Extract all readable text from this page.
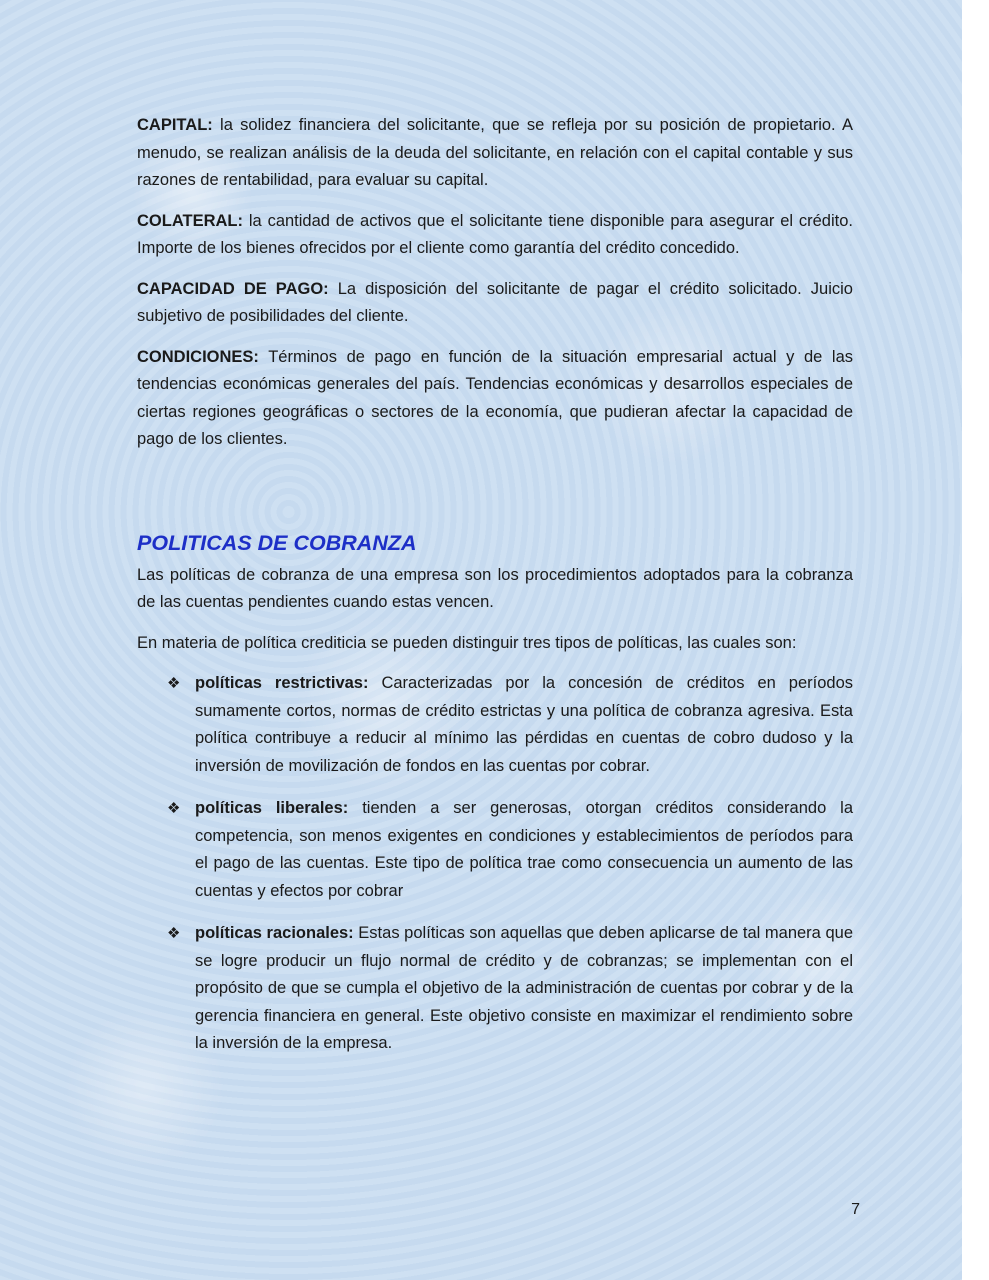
CAPITAL: la solidez financiera del solicitante, que se refleja por su posición de propietario. A menudo, se realizan análisis de la deuda del solicitante, en relación con el capital contable y sus razones de rentabilidad, para evaluar su capital.

COLATERAL: la cantidad de activos que el solicitante tiene disponible para asegurar el crédito. Importe de los bienes ofrecidos por el cliente como garantía del crédito concedido.

CAPACIDAD DE PAGO: La disposición del solicitante de pagar el crédito solicitado. Juicio subjetivo de posibilidades del cliente.

CONDICIONES: Términos de pago en función de la situación empresarial actual y de las tendencias económicas generales del país. Tendencias económicas y desarrollos especiales de ciertas regiones geográficas o sectores de la economía, que pudieran afectar la capacidad de pago de los clientes.

POLITICAS DE COBRANZA

Las políticas de cobranza de una empresa son los procedimientos adoptados para la cobranza de las cuentas pendientes cuando estas vencen.

En materia de política crediticia se pueden distinguir tres tipos de políticas, las cuales son:

❖ políticas restrictivas: Caracterizadas por la concesión de créditos en períodos sumamente cortos, normas de crédito estrictas y una política de cobranza agresiva. Esta política contribuye a reducir al mínimo las pérdidas en cuentas de cobro dudoso y la inversión de movilización de fondos en las cuentas por cobrar.

❖ políticas liberales: tienden a ser generosas, otorgan créditos considerando la competencia, son menos exigentes en condiciones y establecimientos de períodos para el pago de las cuentas. Este tipo de política trae como consecuencia un aumento de las cuentas y efectos por cobrar

❖ políticas racionales: Estas políticas son aquellas que deben aplicarse de tal manera que se logre producir un flujo normal de crédito y de cobranzas; se implementan con el propósito de que se cumpla el objetivo de la administración de cuentas por cobrar y de la gerencia financiera en general. Este objetivo consiste en maximizar el rendimiento sobre la inversión de la empresa.

7
